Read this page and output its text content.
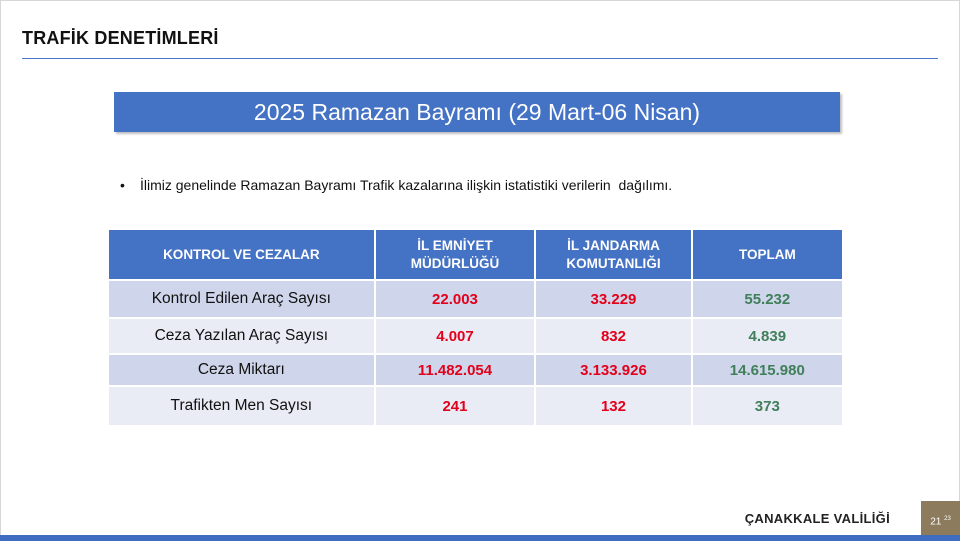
TRAFİK DENETİMLERİ
2025 Ramazan Bayramı (29 Mart-06 Nisan)
• İlimiz genelinde Ramazan Bayramı Trafik kazalarına ilişkin istatistiki verilerin  dağılımı.
KONTROL VE CEZALAR	İL EMNİYET MÜDÜRLÜĞÜ	İL JANDARMA KOMUTANLIĞI	TOPLAM
Kontrol Edilen Araç Sayısı	22.003	33.229	55.232
Ceza Yazılan Araç Sayısı	4.007	832	4.839
Ceza Miktarı	11.482.054	3.133.926	14.615.980
Trafikten Men Sayısı	241	132	373
ÇANAKKALE VALİLİĞİ	21 $^{23}$
